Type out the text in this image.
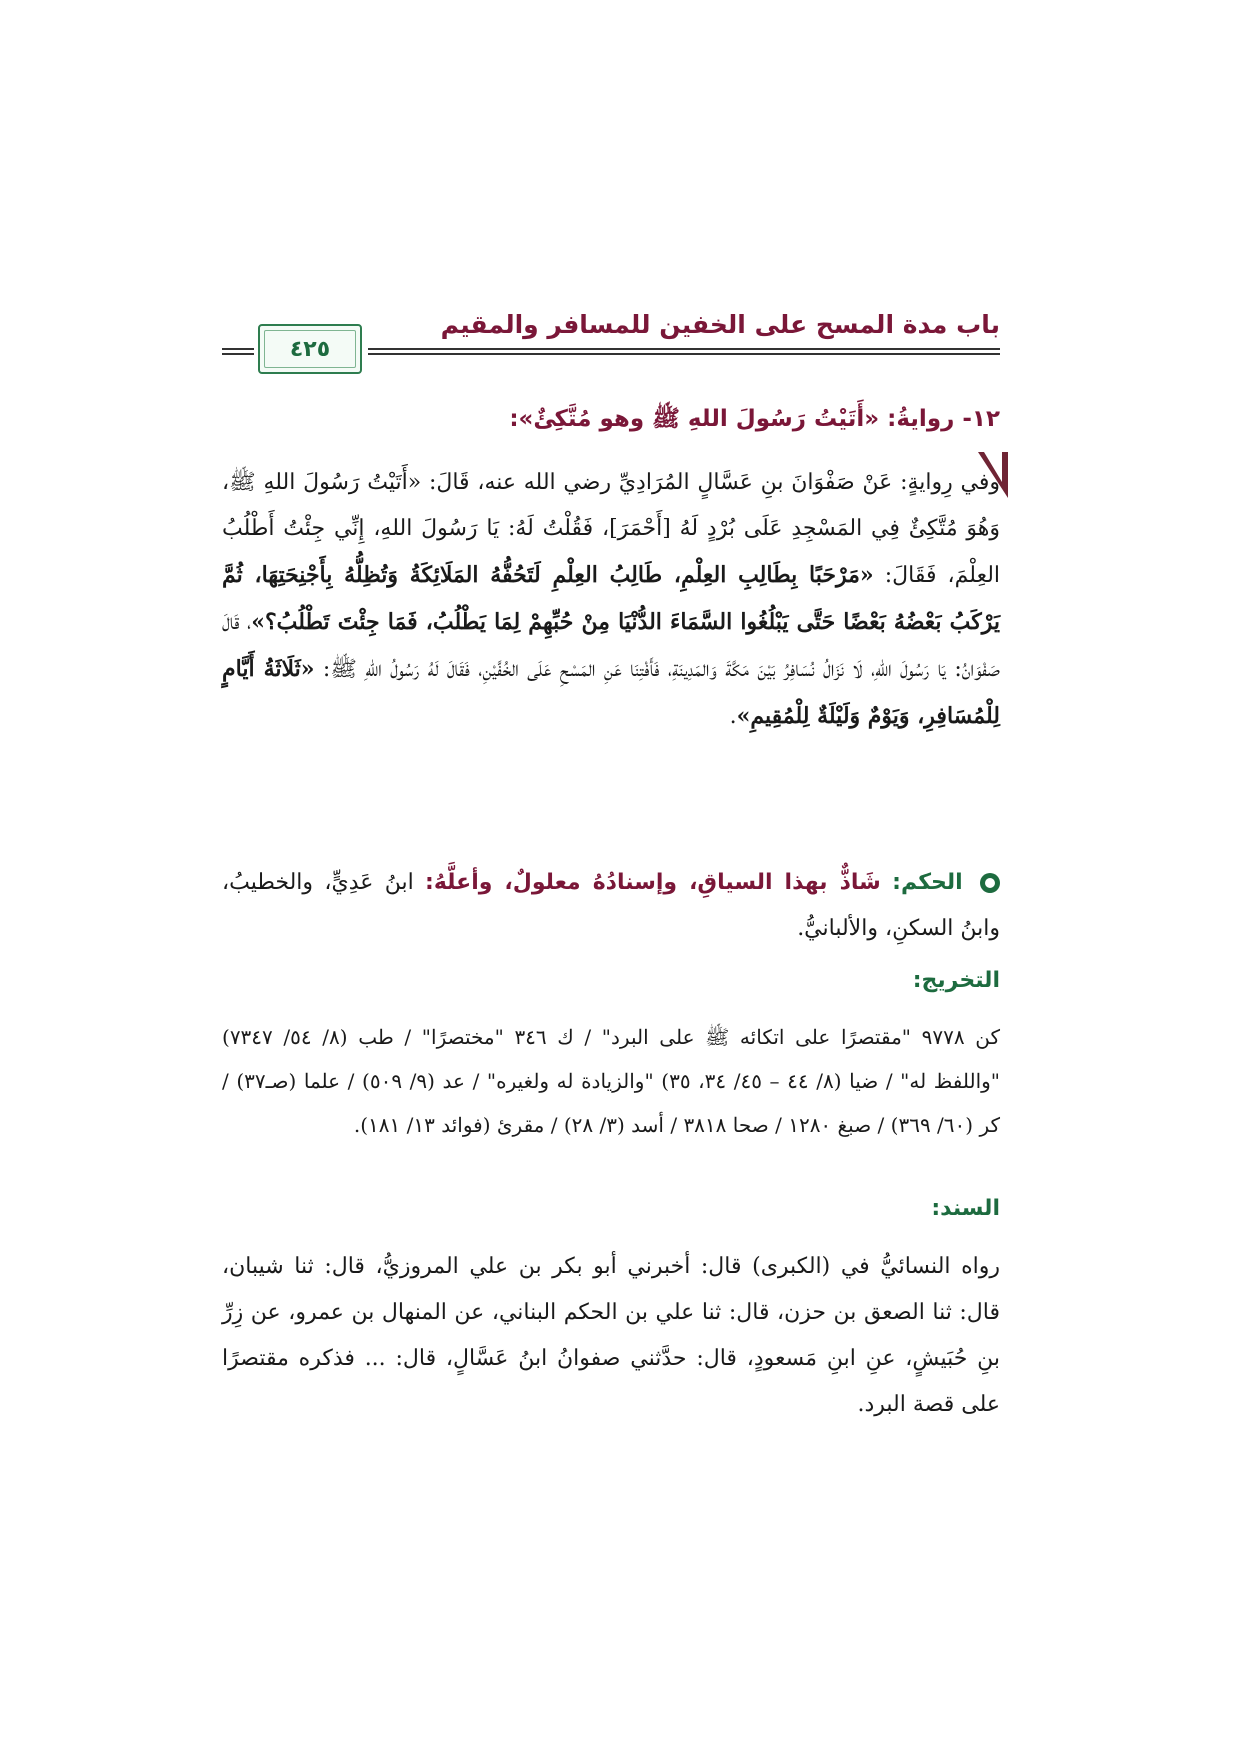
باب مدة المسح على الخفين للمسافر والمقيم
٤٢٥
١٢- روايةُ: «أَتَيْتُ رَسُولَ اللهِ ﷺ وهو مُتَّكِئٌ»:
وفي رِوايةٍ: عَنْ صَفْوَانَ بنِ عَسَّالٍ المُرَادِيِّ رضي الله عنه، قَالَ: «أَتَيْتُ رَسُولَ اللهِ ﷺ، وَهُوَ مُتَّكِئٌ فِي المَسْجِدِ عَلَى بُرْدٍ لَهُ [أَحْمَرَ]، فَقُلْتُ لَهُ: يَا رَسُولَ اللهِ، إِنِّي جِئْتُ أَطْلُبُ العِلْمَ، فَقَالَ: «مَرْحَبًا بِطَالِبِ العِلْمِ، طَالِبُ العِلْمِ لَتَحُفُّهُ المَلَائِكَةُ وَتُظِلُّهُ بِأَجْنِحَتِهَا، ثُمَّ يَرْكَبُ بَعْضُهُ بَعْضًا حَتَّى يَبْلُغُوا السَّمَاءَ الدُّنْيَا مِنْ حُبِّهِمْ لِمَا يَطْلُبُ، فَمَا جِئْتَ تَطْلُبُ؟»، قَالَ صَفْوَانُ: يَا رَسُولَ اللهِ، لَا نَزَالُ نُسَافِرُ بَيْنَ مَكَّةَ وَالمَدِينَةِ، فَأَفْتِنَا عَنِ المَسْحِ عَلَى الخُفَّيْنِ، فَقَالَ لَهُ رَسُولُ اللهِ ﷺ: «ثَلَاثَةُ أَيَّامٍ لِلْمُسَافِرِ، وَيَوْمٌ وَلَيْلَةٌ لِلْمُقِيمِ».
الحكم: شَاذٌّ بهذا السياقِ، وإسنادُهُ معلولٌ، وأعلَّهُ: ابنُ عَدِيٍّ، والخطيبُ، وابنُ السكنِ، والألبانيُّ.
التخريج:
كن ٩٧٧٨ "مقتصرًا على اتكائه ﷺ على البرد" / ك ٣٤٦ "مختصرًا" / طب (٨/ ٥٤/ ٧٣٤٧) "واللفظ له" / ضيا (٨/ ٤٤ – ٤٥/ ٣٤، ٣٥) "والزيادة له ولغيره" / عد (٩/ ٥٠٩) / علما (صـ٣٧) / كر (٦٠/ ٣٦٩) / صبغ ١٢٨٠ / صحا ٣٨١٨ / أسد (٣/ ٢٨) / مقرئ (فوائد ١٣/ ١٨١).
السند:
رواه النسائيُّ في (الكبرى) قال: أخبرني أبو بكر بن علي المروزيُّ، قال: ثنا شيبان، قال: ثنا الصعق بن حزن، قال: ثنا علي بن الحكم البناني، عن المنهال بن عمرو، عن زِرِّ بنِ حُبَيشٍ، عنِ ابنِ مَسعودٍ، قال: حدَّثني صفوانُ ابنُ عَسَّالٍ، قال: ... فذكره مقتصرًا على قصة البرد.
